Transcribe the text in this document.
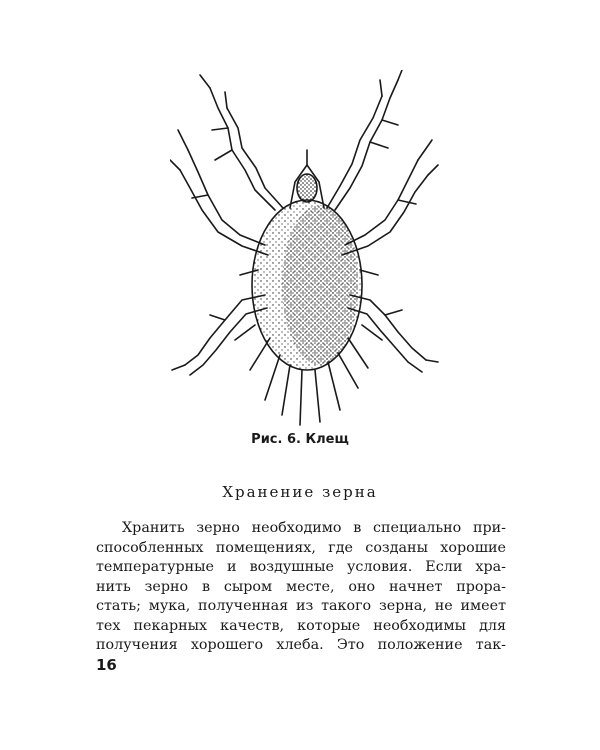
Рис. 6. Клещ
Хранение зерна

Хранить зерно необходимо в специально при-
способленных помещениях, где созданы хорошие
температурные и воздушные условия. Если хра-
нить зерно в сыром месте, оно начнет прора-
стать; мука, полученная из такого зерна, не имеет
тех пекарных качеств, которые необходимы для
получения хорошего хлеба. Это положение так-

16
